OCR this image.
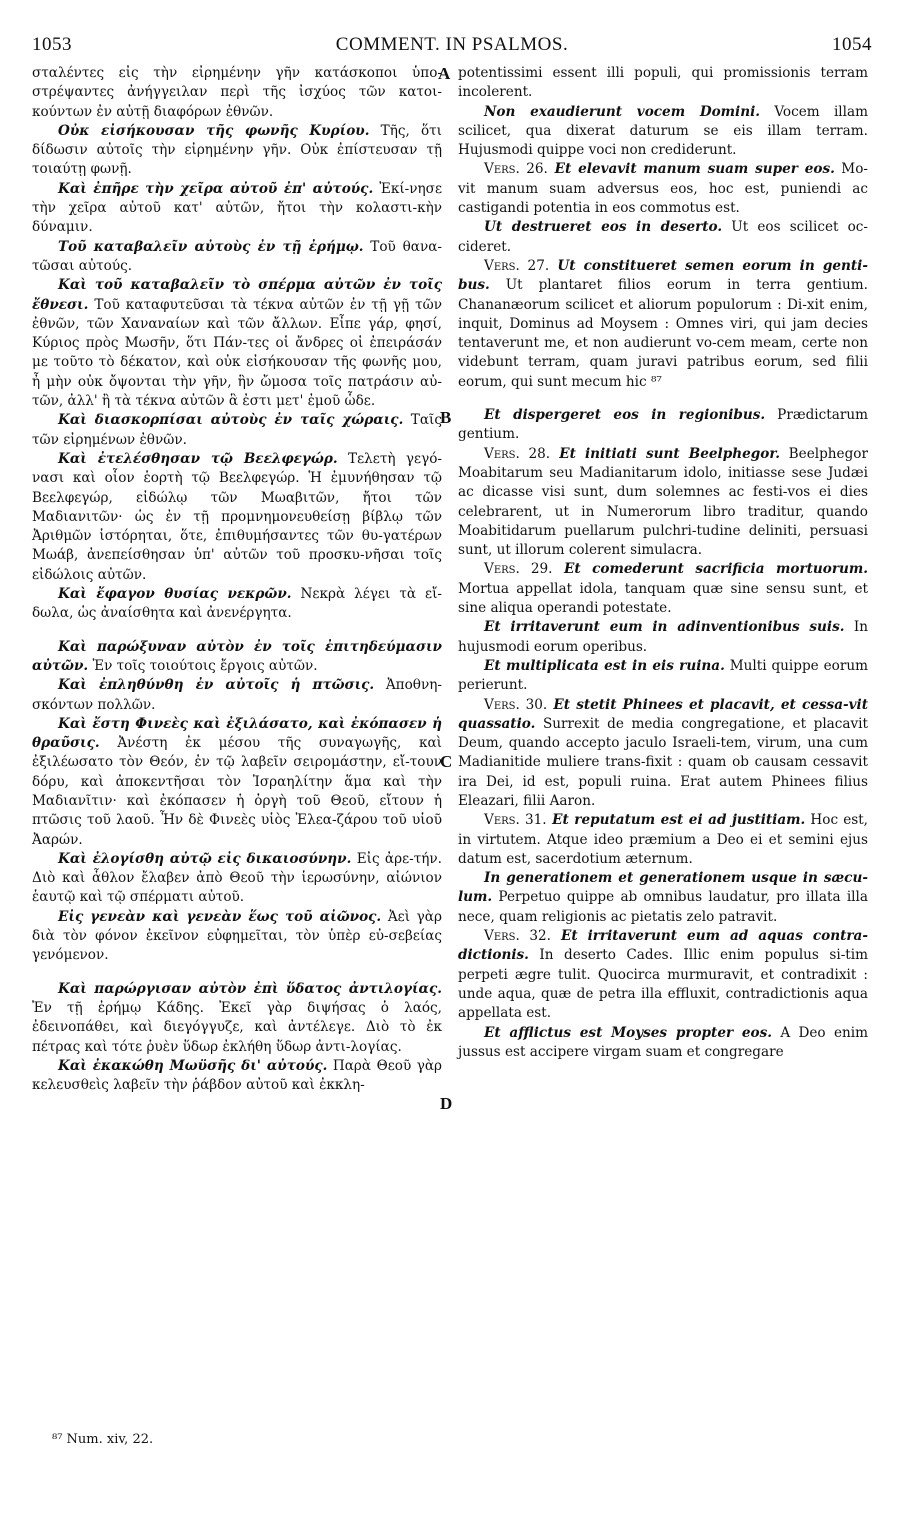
1053	COMMENT. IN PSALMOS.	1054

σταλέντες εἰς τὴν εἰρημένην γῆν κατάσκοποι ὑπο-στρέψαντες ἀνήγγειλαν περὶ τῆς ἰσχύος τῶν κατοι-κούντων ἐν αὐτῇ διαφόρων ἐθνῶν.

Οὐκ εἰσήκουσαν τῆς φωνῆς Κυρίου. Τῆς, ὅτι δίδωσιν αὐτοῖς τὴν εἰρημένην γῆν. Οὐκ ἐπίστευσαν τῇ τοιαύτῃ φωνῇ.

Καὶ ἐπῆρε τὴν χεῖρα αὐτοῦ ἐπ' αὐτούς. Ἐκί-νησε τὴν χεῖρα αὐτοῦ κατ' αὐτῶν, ἤτοι τὴν κολαστι-κὴν δύναμιν.

Τοῦ καταβαλεῖν αὐτοὺς ἐν τῇ ἐρήμῳ. Τοῦ θανα-τῶσαι αὐτούς.

Καὶ τοῦ καταβαλεῖν τὸ σπέρμα αὐτῶν ἐν τοῖς ἔθνεσι. Τοῦ καταφυτεῦσαι τὰ τέκνα αὐτῶν ἐν τῇ γῇ τῶν ἐθνῶν, τῶν Χαναναίων καὶ τῶν ἄλλων. Εἶπε γάρ, φησί, Κύριος πρὸς Μωσῆν, ὅτι Πάν-τες οἱ ἄνδρες οἱ ἐπειράσάν με τοῦτο τὸ δέκατον, καὶ οὐκ εἰσήκουσαν τῆς φωνῆς μου, ἦ μὴν οὐκ ὄψονται τὴν γῆν, ἣν ὤμοσα τοῖς πατράσιν αὐ-τῶν, ἀλλ' ἢ τὰ τέκνα αὐτῶν ἃ ἐστι μετ' ἐμοῦ ὧδε.

Καὶ διασκορπίσαι αὐτοὺς ἐν ταῖς χώραις. Ταῖς τῶν εἰρημένων ἐθνῶν.

Καὶ ἐτελέσθησαν τῷ Βεελφεγώρ. Τελετὴ γεγό-νασι καὶ οἷον ἑορτὴ τῷ Βεελφεγώρ. Ἡ ἐμυνήθησαν τῷ Βεελφεγώρ, εἰδώλῳ τῶν Μωαβιτῶν, ἤτοι τῶν Μαδιανιτῶν· ὡς ἐν τῇ προμνημονευθείσῃ βίβλῳ τῶν Ἀριθμῶν ἱστόρηται, ὅτε, ἐπιθυμήσαντες τῶν θυ-γατέρων Μωάβ, ἀνεπείσθησαν ὑπ' αὐτῶν τοῦ προσκυ-νῆσαι τοῖς εἰδώλοις αὐτῶν.

Καὶ ἔφαγον θυσίας νεκρῶν. Νεκρὰ λέγει τὰ εἴ-δωλα, ὡς ἀναίσθητα καὶ ἀνενέργητα.

Καὶ παρώξυναν αὐτὸν ἐν τοῖς ἐπιτηδεύμασιν αὐτῶν. Ἐν τοῖς τοιούτοις ἔργοις αὐτῶν.

Καὶ ἐπληθύνθη ἐν αὐτοῖς ἡ πτῶσις. Ἀποθνη-σκόντων πολλῶν.

Καὶ ἔστη Φινεὲς καὶ ἐξιλάσατο, καὶ ἐκόπασεν ἡ θραῦσις. Ἀνέστη ἐκ μέσου τῆς συναγωγῆς, καὶ ἐξιλέωσατο τὸν Θεόν, ἐν τῷ λαβεῖν σειρομάστην, εἴ-τουν δόρυ, καὶ ἀποκεντῆσαι τὸν Ἰσραηλίτην ἅμα καὶ τὴν Μαδιανῖτιν· καὶ ἐκόπασεν ἡ ὀργὴ τοῦ Θεοῦ, εἴτουν ἡ πτῶσις τοῦ λαοῦ. Ἦν δὲ Φινεὲς υἱὸς Ἐλεα-ζάρου τοῦ υἱοῦ Ἀαρών.

Καὶ ἐλογίσθη αὐτῷ εἰς δικαιοσύνην. Εἰς ἀρε-τήν. Διὸ καὶ ἆθλον ἔλαβεν ἀπὸ Θεοῦ τὴν ἱερωσύνην, αἰώνιον ἑαυτῷ καὶ τῷ σπέρματι αὐτοῦ.

Εἰς γενεὰν καὶ γενεὰν ἕως τοῦ αἰῶνος. Ἀεὶ γὰρ διὰ τὸν φόνον ἐκεῖνον εὐφημεῖται, τὸν ὑπὲρ εὐ-σεβείας γενόμενον.

Καὶ παρώργισαν αὐτὸν ἐπὶ ὕδατος ἀντιλογίας. Ἐν τῇ ἐρήμῳ Κάδης. Ἐκεῖ γὰρ διψήσας ὁ λαός, ἐδεινοπάθει, καὶ διεγόγγυζε, καὶ ἀντέλεγε. Διὸ τὸ ἐκ πέτρας καὶ τότε ῥυὲν ὕδωρ ἐκλήθη ὕδωρ ἀντι-λογίας.

Καὶ ἐκακώθη Μωϋσῆς δι' αὐτούς. Παρὰ Θεοῦ γὰρ κελευσθεὶς λαβεῖν τὴν ῥάβδον αὐτοῦ καὶ ἐκκλη-

potentissimi essent illi populi, qui promissionis terram incolerent.

Non exaudierunt vocem Domini. Vocem illam scilicet, qua dixerat daturum se eis illam terram. Hujusmodi quippe voci non crediderunt.

Vers. 26. Et elevavit manum suam super eos. Mo-vit manum suam adversus eos, hoc est, puniendi ac castigandi potentia in eos commotus est.

Ut destrueret eos in deserto. Ut eos scilicet oc-cideret.

Vers. 27. Ut constitueret semen eorum in genti-bus. Ut plantaret filios eorum in terra gentium. Chananæorum scilicet et aliorum populorum : Di-xit enim, inquit, Dominus ad Moysem : Omnes viri, qui jam decies tentaverunt me, et non audierunt vo-cem meam, certe non videbunt terram, quam juravi patribus eorum, sed filii eorum, qui sunt mecum hic ⁸⁷

Et dispergeret eos in regionibus. Prædictarum gentium.

Vers. 28. Et initiati sunt Beelphegor. Beelphegor Moabitarum seu Madianitarum idolo, initiasse sese Judæi ac dicasse visi sunt, dum solemnes ac festi-vos ei dies celebrarent, ut in Numerorum libro traditur, quando Moabitidarum puellarum pulchri-tudine deliniti, persuasi sunt, ut illorum colerent simulacra.

Vers. 29. Et comederunt sacrificia mortuorum. Mortua appellat idola, tanquam quæ sine sensu sunt, et sine aliqua operandi potestate.

Et irritaverunt eum in adinventionibus suis. In hujusmodi eorum operibus.

Et multiplicata est in eis ruina. Multi quippe eorum perierunt.

Vers. 30. Et stetit Phinees et placavit, et cessa-vit quassatio. Surrexit de media congregatione, et placavit Deum, quando accepto jaculo Israeli-tem, virum, una cum Madianitide muliere trans-fixit : quam ob causam cessavit ira Dei, id est, populi ruina. Erat autem Phinees filius Eleazari, filii Aaron.

Vers. 31. Et reputatum est ei ad justitiam. Hoc est, in virtutem. Atque ideo præmium a Deo ei et semini ejus datum est, sacerdotium æternum.

In generationem et generationem usque in sæcu-lum. Perpetuo quippe ab omnibus laudatur, pro illata illa nece, quam religionis ac pietatis zelo patravit.

Vers. 32. Et irritaverunt eum ad aquas contra-dictionis. In deserto Cades. Illic enim populus si-tim perpeti ægre tulit. Quocirca murmuravit, et contradixit : unde aqua, quæ de petra illa effluxit, contradictionis aqua appellata est.

Et afflictus est Moyses propter eos. A Deo enim jussus est accipere virgam suam et congregare

A
B
C
D
⁸⁷ Num. xiv, 22.
